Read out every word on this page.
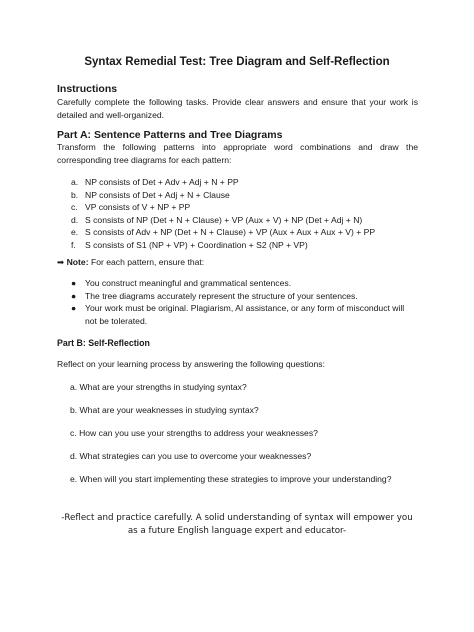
Syntax Remedial Test: Tree Diagram and Self-Reflection
Instructions
Carefully complete the following tasks. Provide clear answers and ensure that your work is detailed and well-organized.
Part A: Sentence Patterns and Tree Diagrams
Transform the following patterns into appropriate word combinations and draw the corresponding tree diagrams for each pattern:
a. NP consists of Det + Adv + Adj + N + PP
b. NP consists of Det + Adj + N + Clause
c. VP consists of V + NP + PP
d. S consists of NP (Det + N + Clause) + VP (Aux + V) + NP (Det + Adj + N)
e. S consists of Adv + NP (Det + N + Clause) + VP (Aux + Aux + Aux + V) + PP
f. S consists of S1 (NP + VP) + Coordination + S2 (NP + VP)
➡ Note: For each pattern, ensure that:
● You construct meaningful and grammatical sentences.
● The tree diagrams accurately represent the structure of your sentences.
● Your work must be original. Plagiarism, AI assistance, or any form of misconduct will not be tolerated.
Part B: Self-Reflection
Reflect on your learning process by answering the following questions:
a. What are your strengths in studying syntax?
b. What are your weaknesses in studying syntax?
c. How can you use your strengths to address your weaknesses?
d. What strategies can you use to overcome your weaknesses?
e. When will you start implementing these strategies to improve your understanding?
-Reflect and practice carefully. A solid understanding of syntax will empower you
as a future English language expert and educator-
